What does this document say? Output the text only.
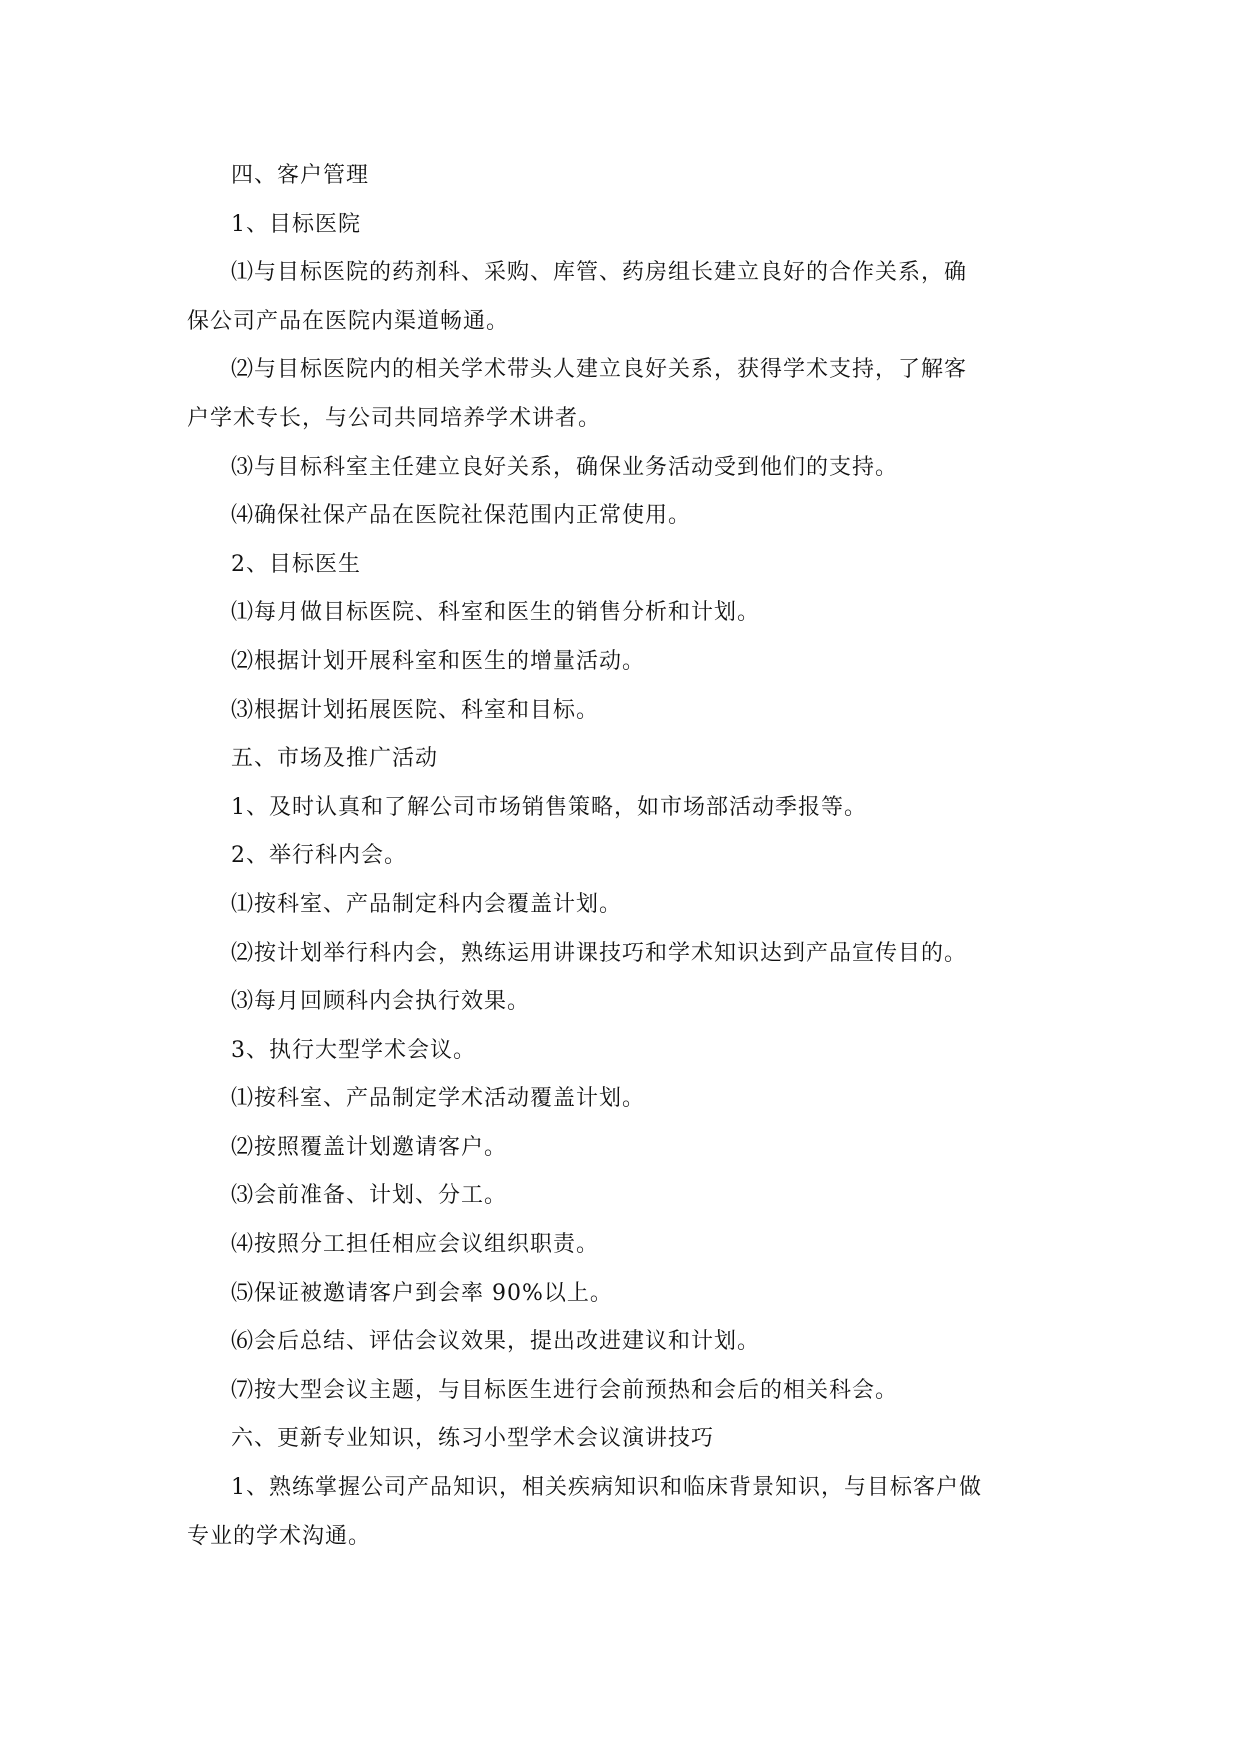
四、客户管理

1、目标医院

⑴与目标医院的药剂科、采购、库管、药房组长建立良好的合作关系，确

保公司产品在医院内渠道畅通。

⑵与目标医院内的相关学术带头人建立良好关系，获得学术支持，了解客

户学术专长，与公司共同培养学术讲者。

⑶与目标科室主任建立良好关系，确保业务活动受到他们的支持。

⑷确保社保产品在医院社保范围内正常使用。

2、目标医生

⑴每月做目标医院、科室和医生的销售分析和计划。

⑵根据计划开展科室和医生的增量活动。

⑶根据计划拓展医院、科室和目标。

五、市场及推广活动

1、及时认真和了解公司市场销售策略，如市场部活动季报等。

2、举行科内会。

⑴按科室、产品制定科内会覆盖计划。

⑵按计划举行科内会，熟练运用讲课技巧和学术知识达到产品宣传目的。

⑶每月回顾科内会执行效果。

3、执行大型学术会议。

⑴按科室、产品制定学术活动覆盖计划。

⑵按照覆盖计划邀请客户。

⑶会前准备、计划、分工。

⑷按照分工担任相应会议组织职责。

⑸保证被邀请客户到会率 90%以上。

⑹会后总结、评估会议效果，提出改进建议和计划。

⑺按大型会议主题，与目标医生进行会前预热和会后的相关科会。

六、更新专业知识，练习小型学术会议演讲技巧

1、熟练掌握公司产品知识，相关疾病知识和临床背景知识，与目标客户做

专业的学术沟通。
